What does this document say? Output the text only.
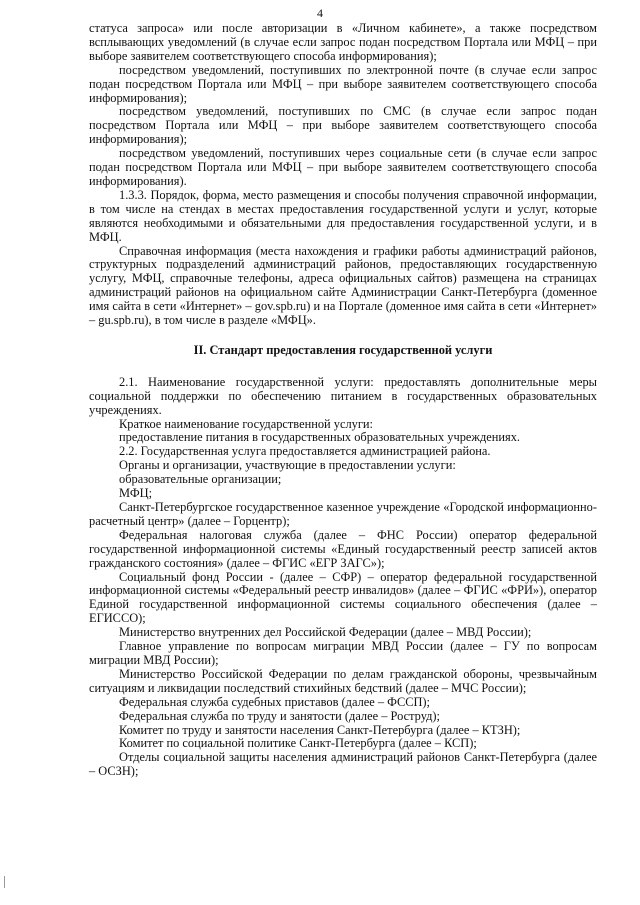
4

статуса запроса» или после авторизации в «Личном кабинете», а также посредством всплывающих уведомлений (в случае если запрос подан посредством Портала или МФЦ – при выборе заявителем соответствующего способа информирования);

посредством уведомлений, поступивших по электронной почте (в случае если запрос подан посредством Портала или МФЦ – при выборе заявителем соответствующего способа информирования);

посредством уведомлений, поступивших по СМС (в случае если запрос подан посредством Портала или МФЦ – при выборе заявителем соответствующего способа информирования);

посредством уведомлений, поступивших через социальные сети (в случае если запрос подан посредством Портала или МФЦ – при выборе заявителем соответствующего способа информирования).

1.3.3. Порядок, форма, место размещения и способы получения справочной информации, в том числе на стендах в местах предоставления государственной услуги и услуг, которые являются необходимыми и обязательными для предоставления государственной услуги, и в МФЦ.

Справочная информация (места нахождения и графики работы администраций районов, структурных подразделений администраций районов, предоставляющих государственную услугу, МФЦ, справочные телефоны, адреса официальных сайтов) размещена на страницах администраций районов на официальном сайте Администрации Санкт-Петербурга (доменное имя сайта в сети «Интернет» – gov.spb.ru) и на Портале (доменное имя сайта в сети «Интернет» – gu.spb.ru), в том числе в разделе «МФЦ».

II. Стандарт предоставления государственной услуги

2.1. Наименование государственной услуги: предоставлять дополнительные меры социальной поддержки по обеспечению питанием в государственных образовательных учреждениях.

Краткое наименование государственной услуги:

предоставление питания в государственных образовательных учреждениях.

2.2. Государственная услуга предоставляется администрацией района.

Органы и организации, участвующие в предоставлении услуги:

образовательные организации;

МФЦ;

Санкт-Петербургское государственное казенное учреждение «Городской информационно-расчетный центр» (далее – Горцентр);

Федеральная налоговая служба (далее – ФНС России) оператор федеральной государственной информационной системы «Единый государственный реестр записей актов гражданского состояния» (далее – ФГИС «ЕГР ЗАГС»);

Социальный фонд России - (далее – СФР) – оператор федеральной государственной информационной системы «Федеральный реестр инвалидов» (далее – ФГИС «ФРИ»), оператор Единой государственной информационной системы социального обеспечения (далее – ЕГИССО);

Министерство внутренних дел Российской Федерации (далее – МВД России);

Главное управление по вопросам миграции МВД России (далее – ГУ по вопросам миграции МВД России);

Министерство Российской Федерации по делам гражданской обороны, чрезвычайным ситуациям и ликвидации последствий стихийных бедствий (далее – МЧС России);

Федеральная служба судебных приставов (далее – ФССП);

Федеральная служба по труду и занятости (далее – Роструд);

Комитет по труду и занятости населения Санкт-Петербурга (далее – КТЗН);

Комитет по социальной политике Санкт-Петербурга (далее – КСП);

Отделы социальной защиты населения администраций районов Санкт-Петербурга (далее – ОСЗН);
